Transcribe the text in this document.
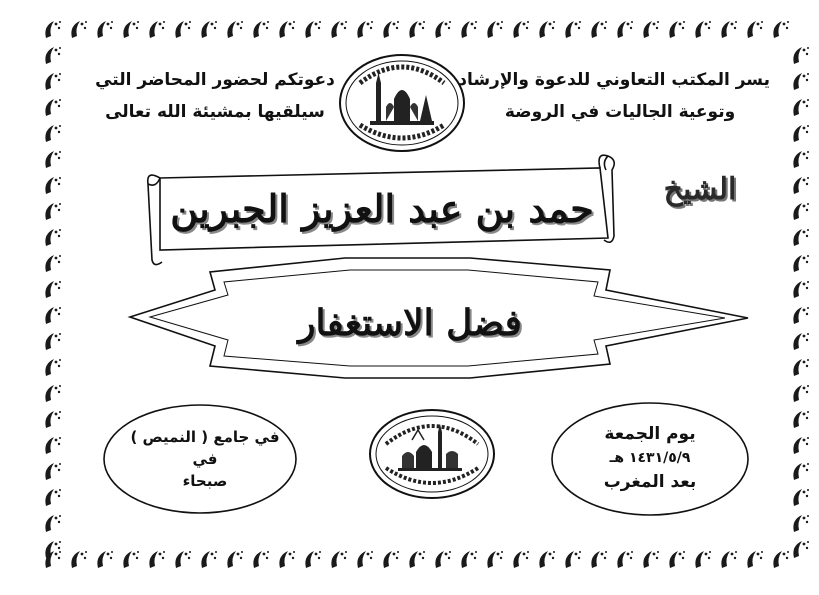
يسر المكتب التعاوني للدعوة والإرشاد
وتوعية الجاليات في الروضة
دعوتكم لحضور المحاضر التي
سيلقيها بمشيئة الله تعالى
الشيخ
حمد بن عبد العزيز الجبرين
فضل الاستغفار
يوم الجمعة
١٤٣١/٥/٩ هـ
بعد المغرب
في جامع ( النميص )
في
صبحاء
